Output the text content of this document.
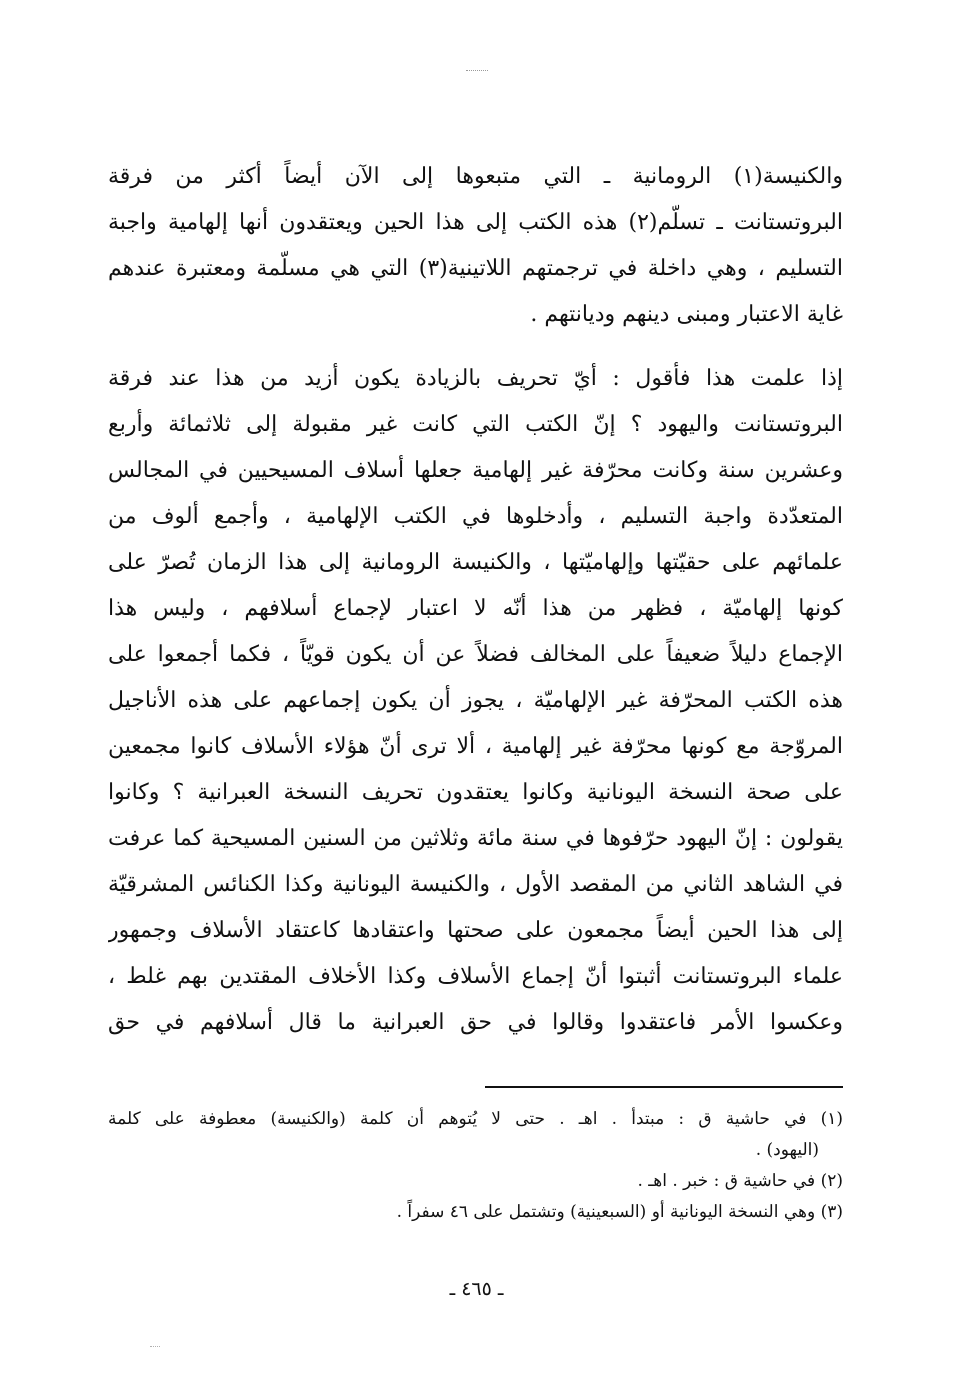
والكنيسة(١) الرومانية ـ التي متبعوها إلى الآن أيضاً أكثر من فرقة
البروتستانت ـ تسلّم(٢) هذه الكتب إلى هذا الحين ويعتقدون أنها إلهامية واجبة
التسليم ، وهي داخلة في ترجمتهم اللاتينية(٣) التي هي مسلّمة ومعتبرة عندهم
غاية الاعتبار ومبنى دينهم وديانتهم .
إذا علمت هذا فأقول : أيّ تحريف بالزيادة يكون أزيد من هذا عند فرقة
البروتستانت واليهود ؟ إنّ الكتب التي كانت غير مقبولة إلى ثلاثمائة وأربع
وعشرين سنة وكانت محرّفة غير إلهامية جعلها أسلاف المسيحيين في المجالس
المتعدّدة واجبة التسليم ، وأدخلوها في الكتب الإلهامية ، وأجمع ألوف من
علمائهم على حقيّتها وإلهاميّتها ، والكنيسة الرومانية إلى هذا الزمان تُصرّ على
كونها إلهاميّة ، فظهر من هذا أنّه لا اعتبار لإجماع أسلافهم ، وليس هذا
الإجماع دليلاً ضعيفاً على المخالف فضلاً عن أن يكون قويّاً ، فكما أجمعوا على
هذه الكتب المحرّفة غير الإلهاميّة ، يجوز أن يكون إجماعهم على هذه الأناجيل
المروّجة مع كونها محرّفة غير إلهامية ، ألا ترى أنّ هؤلاء الأسلاف كانوا مجمعين
على صحة النسخة اليونانية وكانوا يعتقدون تحريف النسخة العبرانية ؟ وكانوا
يقولون : إنّ اليهود حرّفوها في سنة مائة وثلاثين من السنين المسيحية كما عرفت
في الشاهد الثاني من المقصد الأول ، والكنيسة اليونانية وكذا الكنائس المشرقيّة
إلى هذا الحين أيضاً مجمعون على صحتها واعتقادها كاعتقاد الأسلاف وجمهور
علماء البروتستانت أثبتوا أنّ إجماع الأسلاف وكذا الأخلاف المقتدين بهم غلط ،
وعكسوا الأمر فاعتقدوا وقالوا في حق العبرانية ما قال أسلافهم في حق
(١) في حاشية ق : مبتدأ . اهـ . حتى لا يُتوهم أن كلمة (والكنيسة) معطوفة على كلمة
(اليهود) .
(٢) في حاشية ق : خبر . اهـ .
(٣) وهي النسخة اليونانية أو (السبعينية) وتشتمل على ٤٦ سفراً .
ـ ٤٦٥ ـ
